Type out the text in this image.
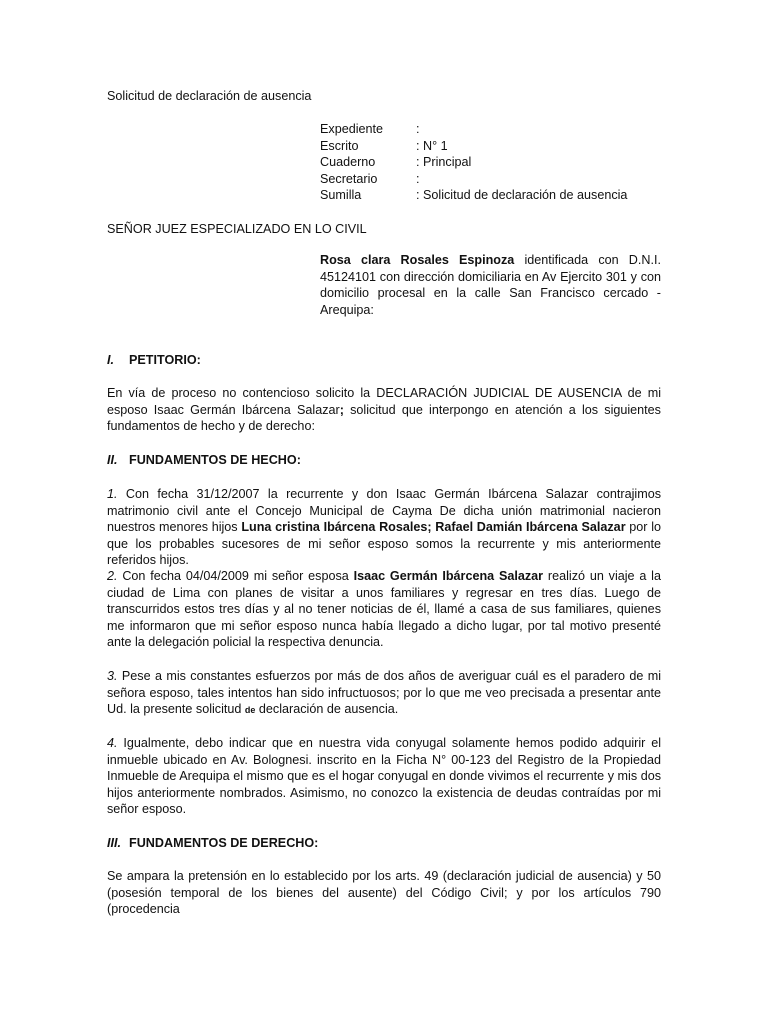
Solicitud de declaración de ausencia
Expediente	:
Escrito	: N° 1
Cuaderno	: Principal
Secretario	:
Sumilla	: Solicitud de declaración de ausencia
SEÑOR JUEZ ESPECIALIZADO EN LO CIVIL
Rosa clara Rosales Espinoza identificada con D.N.I. 45124101 con dirección domiciliaria en Av Ejercito 301 y con domicilio procesal en la calle San Francisco cercado - Arequipa:
I. PETITORIO:
En vía de proceso no contencioso solicito la DECLARACIÓN JUDICIAL DE AUSENCIA de mi esposo Isaac Germán Ibárcena Salazar; solicitud que interpongo en atención a los siguientes fundamentos de hecho y de derecho:
II. FUNDAMENTOS DE HECHO:
1. Con fecha 31/12/2007 la recurrente y don Isaac Germán Ibárcena Salazar contrajimos matrimonio civil ante el Concejo Municipal de Cayma De dicha unión matrimonial nacieron nuestros menores hijos Luna cristina Ibárcena Rosales; Rafael Damián Ibárcena Salazar por lo que los probables sucesores de mi señor esposo somos la recurrente y mis anteriormente referidos hijos.
2. Con fecha 04/04/2009 mi señor esposa Isaac Germán Ibárcena Salazar realizó un viaje a la ciudad de Lima con planes de visitar a unos familiares y regresar en tres días. Luego de transcurridos estos tres días y al no tener noticias de él, llamé a casa de sus familiares, quienes me informaron que mi señor esposo nunca había llegado a dicho lugar, por tal motivo presenté ante la delegación policial la respectiva denuncia.
3. Pese a mis constantes esfuerzos por más de dos años de averiguar cuál es el paradero de mi señora esposo, tales intentos han sido infructuosos; por lo que me veo precisada a presentar ante Ud. la presente solicitud de declaración de ausencia.
4. Igualmente, debo indicar que en nuestra vida conyugal solamente hemos podido adquirir el inmueble ubicado en Av. Bolognesi. inscrito en la Ficha N° 00-123 del Registro de la Propiedad Inmueble de Arequipa el mismo que es el hogar conyugal en donde vivimos el recurrente y mis dos hijos anteriormente nombrados. Asimismo, no conozco la existencia de deudas contraídas por mi señor esposo.
III. FUNDAMENTOS DE DERECHO:
Se ampara la pretensión en lo establecido por los arts. 49 (declaración judicial de ausencia) y 50 (posesión temporal de los bienes del ausente) del Código Civil; y por los artículos 790 (procedencia
